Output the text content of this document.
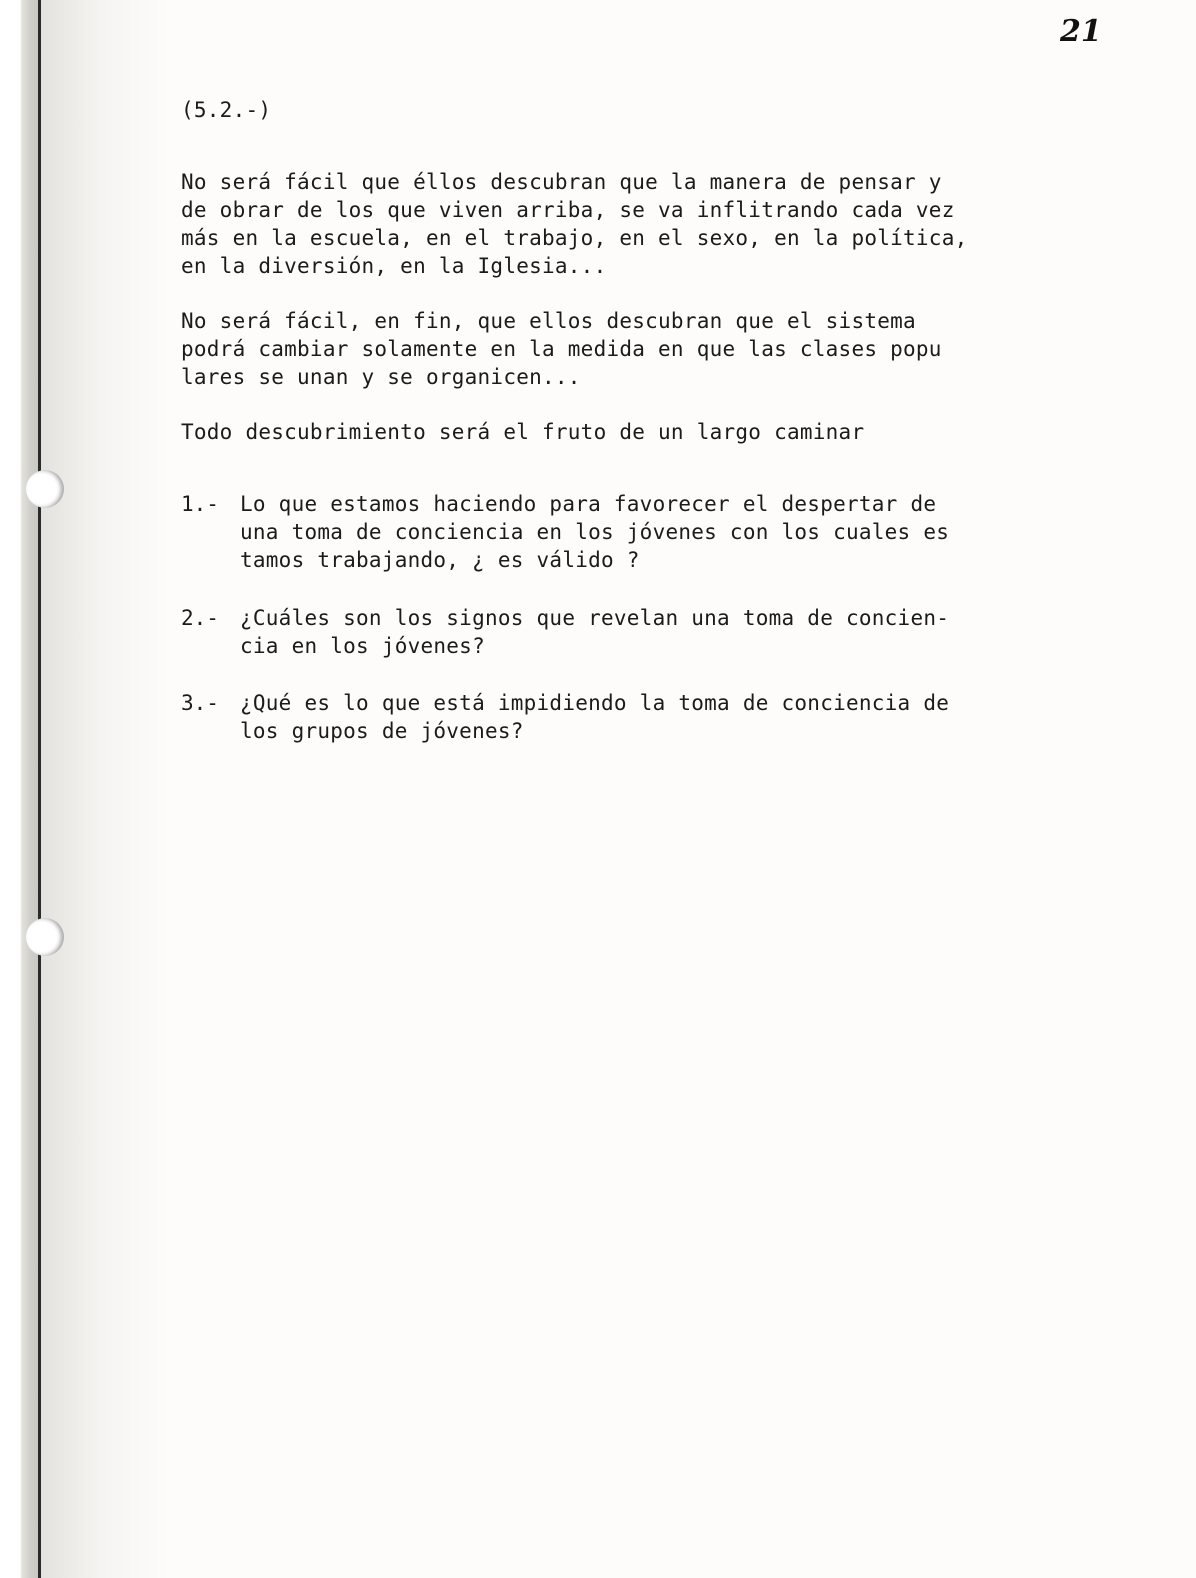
21
(5.2.-)
No será fácil que éllos descubran que la manera de pensar y
de obrar de los que viven arriba, se va inflitrando cada vez
más en la escuela, en el trabajo, en el sexo, en la política,
en la diversión, en la Iglesia...
No será fácil, en fin, que ellos descubran que el sistema
podrá cambiar solamente en la medida en que las clases popu
lares se unan y se organicen...
Todo descubrimiento será el fruto de un largo caminar
1.- Lo que estamos haciendo para favorecer el despertar de
una toma de conciencia en los jóvenes con los cuales es
tamos trabajando, ¿ es válido ?
2.- ¿Cuáles son los signos que revelan una toma de concien-
cia en los jóvenes?
3.- ¿Qué es lo que está impidiendo la toma de conciencia de
los grupos de jóvenes?
